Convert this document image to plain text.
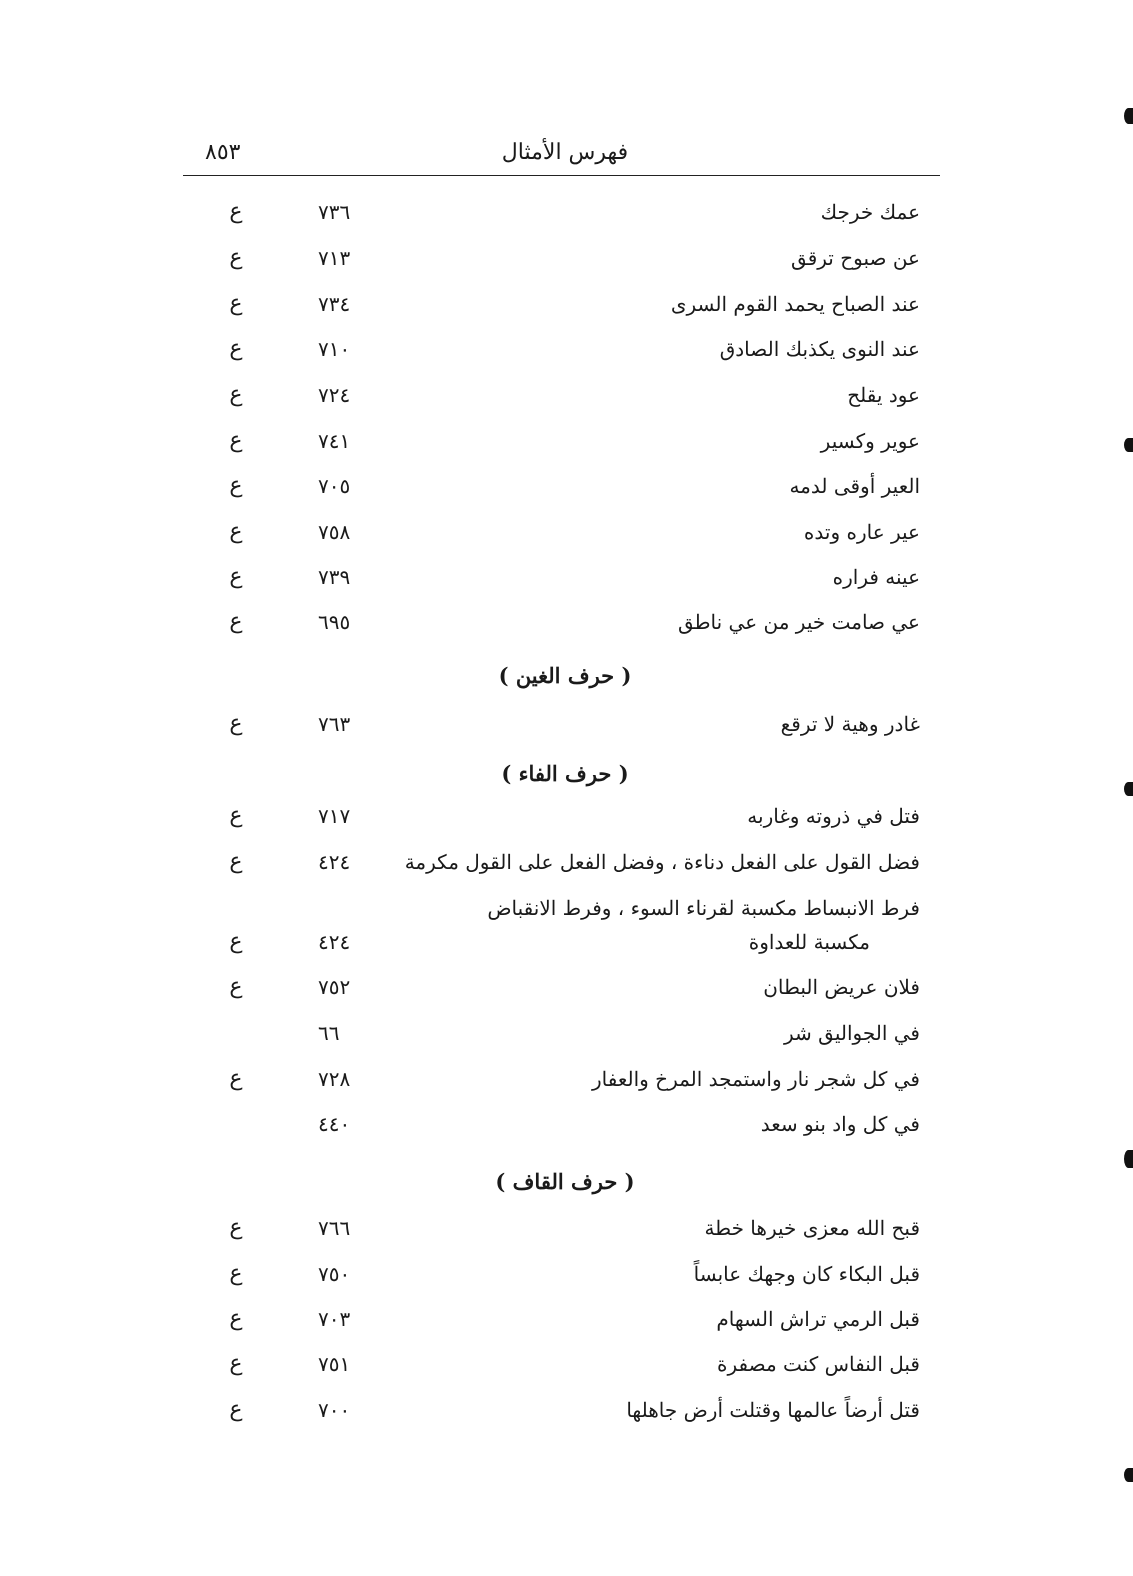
٨٥٣	فهرس الأمثال
عمك خرجك
٧٣٦
ع
عن صبوح ترقق
٧١٣
ع
عند الصباح يحمد القوم السرى
٧٣٤
ع
عند النوى يكذبك الصادق
٧١٠
ع
عود يقلح
٧٢٤
ع
عوير وكسير
٧٤١
ع
العير أوقى لدمه
٧٠٥
ع
عير عاره وتده
٧٥٨
ع
عينه فراره
٧٣٩
ع
عي صامت خير من عي ناطق
٦٩٥
ع
( حرف الغين )
غادر وهية لا ترقع
٧٦٣
ع
( حرف الفاء )
فتل في ذروته وغاربه
٧١٧
ع
فضل القول على الفعل دناءة ، وفضل الفعل على القول مكرمة
٤٢٤
ع
فرط الانبساط مكسبة لقرناء السوء ، وفرط الانقباض
مكسبة للعداوة
٤٢٤
ع
فلان عريض البطان
٧٥٢
ع
في الجواليق شر
٦٦
في كل شجر نار واستمجد المرخ والعفار
٧٢٨
ع
في كل واد بنو سعد
٤٤٠
( حرف القاف )
قبح الله معزى خيرها خطة
٧٦٦
ع
قبل البكاء كان وجهك عابساً
٧٥٠
ع
قبل الرمي تراش السهام
٧٠٣
ع
قبل النفاس كنت مصفرة
٧٥١
ع
قتل أرضاً عالمها وقتلت أرض جاهلها
٧٠٠
ع
